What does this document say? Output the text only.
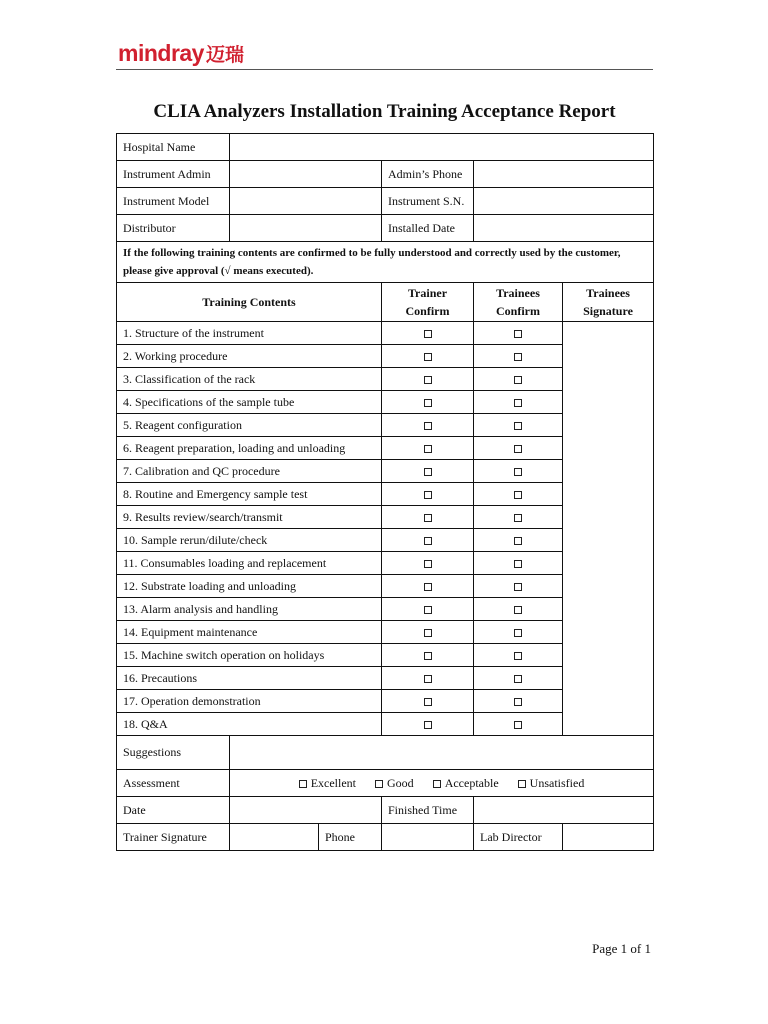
mindray 迈瑞
CLIA Analyzers Installation Training Acceptance Report
Hospital Name					
Instrument Admin			Admin’s Phone		
Instrument Model			Instrument S.N.		
Distributor			Installed Date		
If the following training contents are confirmed to be fully understood and correctly used by the customer, please give approval (√ means executed).					
Training Contents			Trainer Confirm	Trainees Confirm	Trainees Signature
1. Structure of the instrument					
2. Working procedure					
3. Classification of the rack					
4. Specifications of the sample tube					
5. Reagent configuration					
6. Reagent preparation, loading and unloading					
7. Calibration and QC procedure					
8. Routine and Emergency sample test					
9. Results review/search/transmit					
10. Sample rerun/dilute/check					
11. Consumables loading and replacement					
12. Substrate loading and unloading					
13. Alarm analysis and handling					
14. Equipment maintenance					
15. Machine switch operation on holidays					
16. Precautions					
17. Operation demonstration					
18. Q&A					
Suggestions					
Assessment	Excellent Good Acceptable Unsatisfied				
Date			Finished Time		
Trainer Signature		Phone		Lab Director	
Page 1 of 1
